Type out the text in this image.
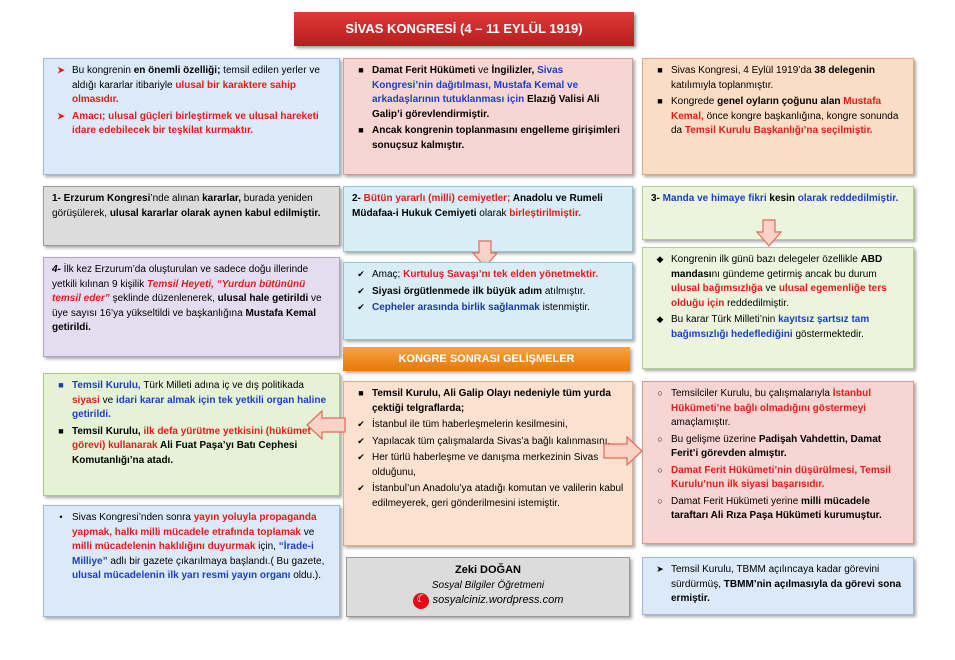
SİVAS KONGRESİ (4 – 11 EYLÜL 1919)
➤ Bu kongrenin en önemli özelliği; temsil edilen yerler ve aldığı kararlar itibariyle ulusal bir karaktere sahip olmasıdır.
➤ Amacı; ulusal güçleri birleştirmek ve ulusal hareketi idare edebilecek bir teşkilat kurmaktır.
■ Damat Ferit Hükümeti ve İngilizler, Sivas Kongresi’nin dağıtılması, Mustafa Kemal ve arkadaşlarının tutuklanması için Elazığ Valisi Ali Galip’i görevlendirmiştir.
■ Ancak kongrenin toplanmasını engelleme girişimleri sonuçsuz kalmıştır.
■ Sivas Kongresi, 4 Eylül 1919’da 38 delegenin katılımıyla toplanmıştır.
■ Kongrede genel oyların çoğunu alan Mustafa Kemal, önce kongre başkanlığına, kongre sonunda da Temsil Kurulu Başkanlığı’na seçilmiştir.

1- Erzurum Kongresi’nde alınan kararlar, burada yeniden görüşülerek, ulusal kararlar olarak aynen kabul edilmiştir.

2- Bütün yararlı (milli) cemiyetler; Anadolu ve Rumeli Müdafaa-i Hukuk Cemiyeti olarak birleştirilmiştir.

3- Manda ve himaye fikri kesin olarak reddedilmiştir.

4- İlk kez Erzurum’da oluşturulan ve sadece doğu illerinde yetkili kılınan 9 kişilik Temsil Heyeti, “Yurdun bütününü temsil eder” şeklinde düzenlenerek, ulusal hale getirildi ve üye sayısı 16’ya yükseltildi ve başkanlığına Mustafa Kemal getirildi.

✔ Amaç; Kurtuluş Savaşı’nı tek elden yönetmektir.
✔ Siyasi örgütlenmede ilk büyük adım atılmıştır.
✔ Cepheler arasında birlik sağlanmak istenmiştir.
◆ Kongrenin ilk günü bazı delegeler özellikle ABD mandasını gündeme getirmiş ancak bu durum ulusal bağımsızlığa ve ulusal egemenliğe ters olduğu için reddedilmiştir.
◆ Bu karar Türk Milleti’nin kayıtsız şartsız tam bağımsızlığı hedeflediğini göstermektedir.
KONGRE SONRASI GELİŞMELER
■ Temsil Kurulu, Türk Milleti adına iç ve dış politikada siyasi ve idari karar almak için tek yetkili organ haline getirildi.
■ Temsil Kurulu, ilk defa yürütme yetkisini (hükümet görevi) kullanarak Ali Fuat Paşa’yı Batı Cephesi Komutanlığı’na atadı.
■ Temsil Kurulu, Ali Galip Olayı nedeniyle tüm yurda çektiği telgraflarda;
✔ İstanbul ile tüm haberleşmelerin kesilmesini,
✔ Yapılacak tüm çalışmalarda Sivas’a bağlı kalınmasını,
✔ Her türlü haberleşme ve danışma merkezinin Sivas olduğunu,
✔ İstanbul’un Anadolu’ya atadığı komutan ve valilerin kabul edilmeyerek, geri gönderilmesini istemiştir.
○ Temsilciler Kurulu, bu çalışmalarıyla İstanbul Hükümeti’ne bağlı olmadığını göstermeyi amaçlamıştır.
○ Bu gelişme üzerine Padişah Vahdettin, Damat Ferit’i görevden almıştır.
○ Damat Ferit Hükümeti’nin düşürülmesi, Temsil Kurulu’nun ilk siyasi başarısıdır.
○ Damat Ferit Hükümeti yerine milli mücadele taraftarı Ali Rıza Paşa Hükümeti kurumuştur.
• Sivas Kongresi’nden sonra yayın yoluyla propaganda yapmak, halkı milli mücadele etrafında toplamak ve milli mücadelenin haklılığını duyurmak için, “İrade-i Milliye” adlı bir gazete çıkarılmaya başlandı.( Bu gazete, ulusal mücadelenin ilk yarı resmi yayın organı oldu.).	Zeki DOĞAN
Sosyal Bilgiler Öğretmeni
☾
sosyalciniz.wordpress.com
➤ Temsil Kurulu, TBMM açılıncaya kadar görevini sürdürmüş, TBMM’nin açılmasıyla da görevi sona ermiştir.
